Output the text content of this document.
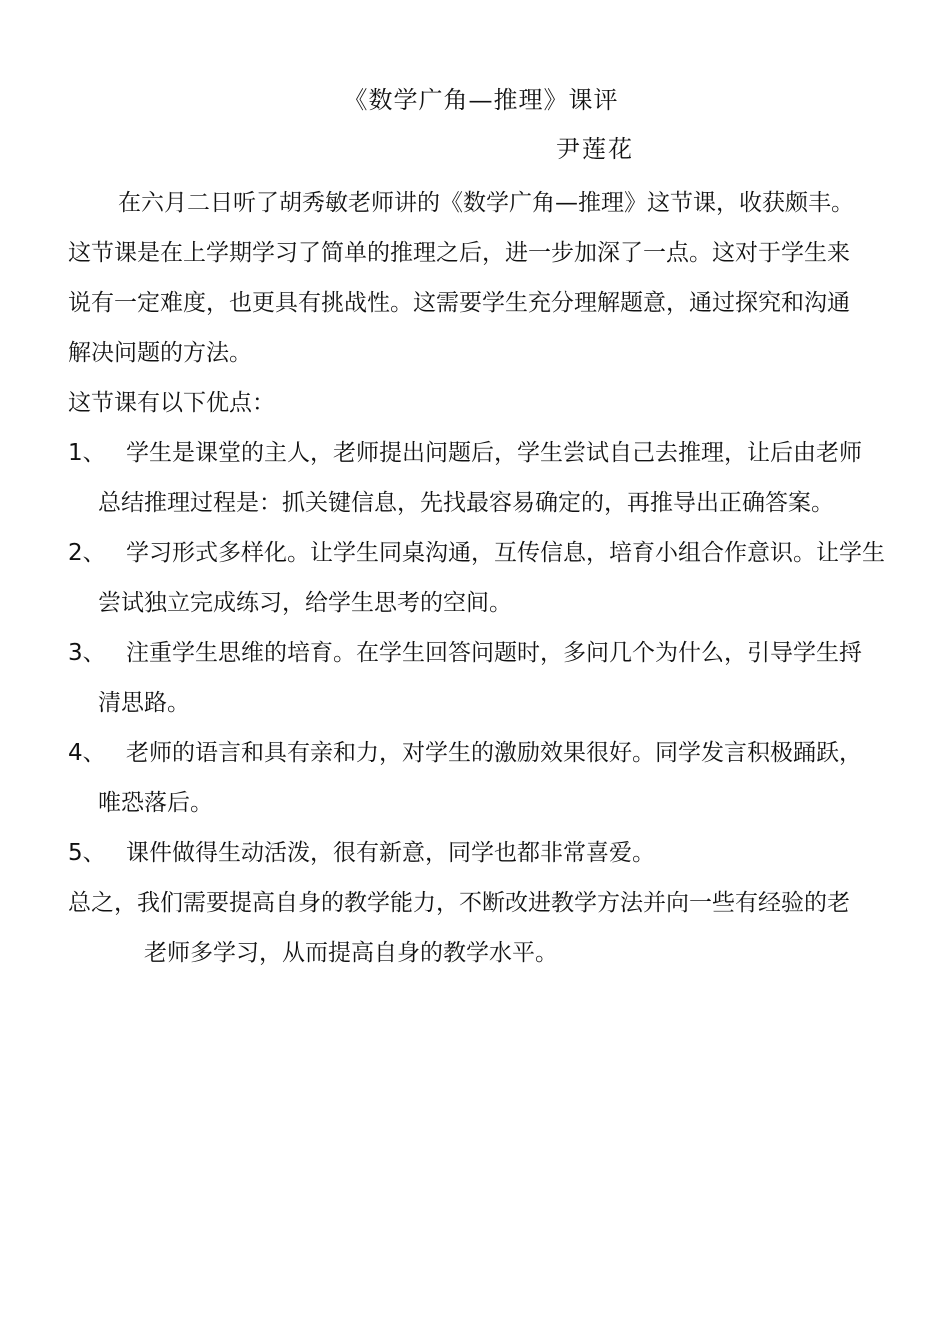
《数学广角—推理》课评
尹莲花

在六月二日听了胡秀敏老师讲的《数学广角—推理》这节课，收获颇丰。这节课是在上学期学习了简单的推理之后，进一步加深了一点。这对于学生来说有一定难度，也更具有挑战性。这需要学生充分理解题意，通过探究和沟通解决问题的方法。

这节课有以下优点：

1、 学生是课堂的主人，老师提出问题后，学生尝试自己去推理，让后由老师总结推理过程是：抓关键信息，先找最容易确定的，再推导出正确答案。
2、 学习形式多样化。让学生同桌沟通，互传信息，培育小组合作意识。让学生尝试独立完成练习，给学生思考的空间。
3、 注重学生思维的培育。在学生回答问题时，多问几个为什么，引导学生捋清思路。
4、 老师的语言和具有亲和力，对学生的激励效果很好。同学发言积极踊跃，唯恐落后。
5、 课件做得生动活泼，很有新意，同学也都非常喜爱。

总之，我们需要提高自身的教学能力，不断改进教学方法并向一些有经验的老老师多学习，从而提高自身的教学水平。
